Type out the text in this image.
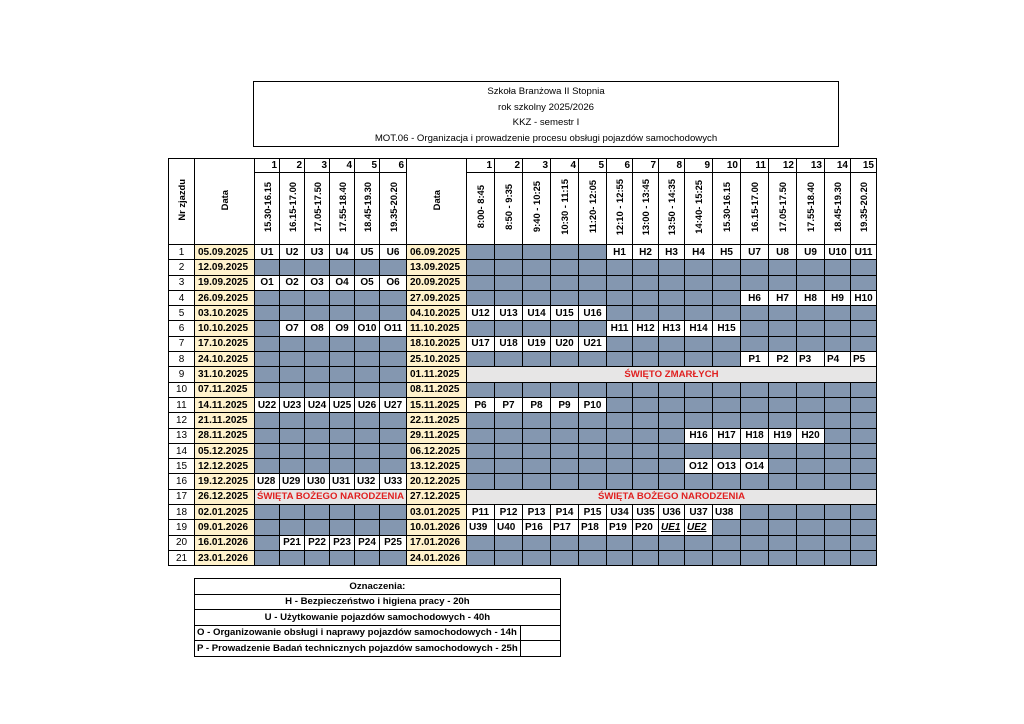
Szkoła Branżowa II Stopnia
rok szkolny 2025/2026
KKZ - semestr I
MOT.06 - Organizacja i prowadzenie procesu obsługi pojazdów samochodowych
Nr zjazdu	Data	1	2	3	4	5	6	Data	1	2	3	4	5	6	7	8	9	10	11	12	13	14	15
		15.30-16.15	16.15-17.00	17.05-17.50	17.55-18.40	18.45-19.30	19.35-20.20		8:00- 8:45	8:50 - 9:35	9:40 - 10:25	10:30 - 11:15	11:20- 12:05	12:10 - 12:55	13:00 - 13:45	13:50 - 14:35	14:40- 15:25	15.30-16.15	16.15-17.00	17.05-17.50	17.55-18.40	18.45-19.30	19.35-20.20
1	05.09.2025	U1	U2	U3	U4	U5	U6	06.09.2025						H1	H2	H3	H4	H5	U7	U8	U9	U10	U11
2	12.09.2025							13.09.2025															
3	19.09.2025	O1	O2	O3	O4	O5	O6	20.09.2025															
4	26.09.2025							27.09.2025											H6	H7	H8	H9	H10
5	03.10.2025							04.10.2025	U12	U13	U14	U15	U16										
6	10.10.2025		O7	O8	O9	O10	O11	11.10.2025						H11	H12	H13	H14	H15					
7	17.10.2025							18.10.2025	U17	U18	U19	U20	U21										
8	24.10.2025							25.10.2025											P1	P2	P3	P4	P5
9	31.10.2025							01.11.2025	ŚWIĘTO ZMARŁYCH														
10	07.11.2025							08.11.2025															
11	14.11.2025	U22	U23	U24	U25	U26	U27	15.11.2025	P6	P7	P8	P9	P10										
12	21.11.2025							22.11.2025															
13	28.11.2025							29.11.2025									H16	H17	H18	H19	H20		
14	05.12.2025							06.12.2025															
15	12.12.2025							13.12.2025									O12	O13	O14				
16	19.12.2025	U28	U29	U30	U31	U32	U33	20.12.2025															
17	26.12.2025	ŚWIĘTA BOŻEGO NARODZENIA						27.12.2025	ŚWIĘTA BOŻEGO NARODZENIA														
18	02.01.2025							03.01.2025	P11	P12	P13	P14	P15	U34	U35	U36	U37	U38					
19	09.01.2026							10.01.2026	U39	U40	P16	P17	P18	P19	P20	UE1	UE2						
20	16.01.2026		P21	P22	P23	P24	P25	17.01.2026															
21	23.01.2026							24.01.2026															
Oznaczenia:	
H - Bezpieczeństwo i higiena pracy - 20h	
U - Użytkowanie pojazdów samochodowych - 40h	
O - Organizowanie obsługi i naprawy pojazdów samochodowych - 14h	
P - Prowadzenie Badań technicznych pojazdów samochodowych - 25h	
